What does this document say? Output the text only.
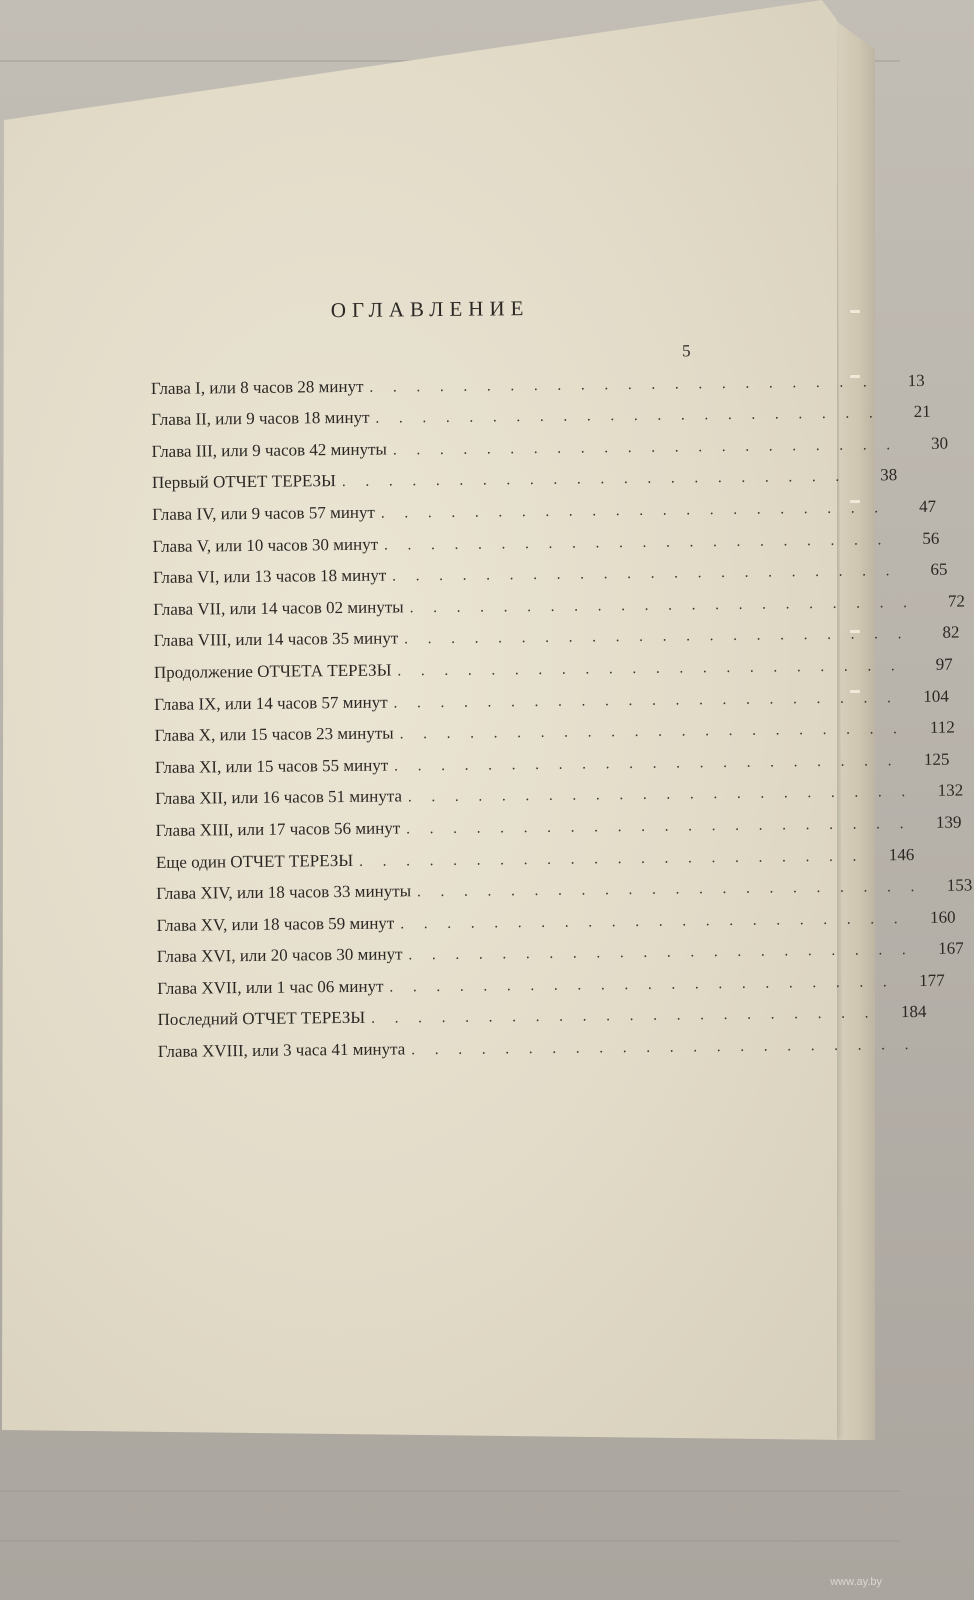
ОГЛАВЛЕНИЕ
5
Глава I, или 8 часов 28 минут . . . . . . . . . . . . . . . . . . . . . .	13
Глава II, или 9 часов 18 минут . . . . . . . . . . . . . . . . . . . . . .	21
Глава III, или 9 часов 42 минуты . . . . . . . . . . . . . . . . . . . . . .	30
Первый ОТЧЕТ ТЕРЕЗЫ . . . . . . . . . . . . . . . . . . . . . .	38
Глава IV, или 9 часов 57 минут . . . . . . . . . . . . . . . . . . . . . .	47
Глава V, или 10 часов 30 минут . . . . . . . . . . . . . . . . . . . . . .	56
Глава VI, или 13 часов 18 минут . . . . . . . . . . . . . . . . . . . . . .	65
Глава VII, или 14 часов 02 минуты . . . . . . . . . . . . . . . . . . . . . .	72
Глава VIII, или 14 часов 35 минут . . . . . . . . . . . . . . . . . . . . . .	82
Продолжение ОТЧЕТА ТЕРЕЗЫ . . . . . . . . . . . . . . . . . . . . . .	97
Глава IX, или 14 часов 57 минут . . . . . . . . . . . . . . . . . . . . . .	104
Глава X, или 15 часов 23 минуты . . . . . . . . . . . . . . . . . . . . . .	112
Глава XI, или 15 часов 55 минут . . . . . . . . . . . . . . . . . . . . . .	125
Глава XII, или 16 часов 51 минута . . . . . . . . . . . . . . . . . . . . . .	132
Глава XIII, или 17 часов 56 минут . . . . . . . . . . . . . . . . . . . . . .	139
Еще один ОТЧЕТ ТЕРЕЗЫ . . . . . . . . . . . . . . . . . . . . . .	146
Глава XIV, или 18 часов 33 минуты . . . . . . . . . . . . . . . . . . . . . .	153
Глава XV, или 18 часов 59 минут . . . . . . . . . . . . . . . . . . . . . .	160
Глава XVI, или 20 часов 30 минут . . . . . . . . . . . . . . . . . . . . . .	167
Глава XVII, или 1 час 06 минут . . . . . . . . . . . . . . . . . . . . . .	177
Последний ОТЧЕТ ТЕРЕЗЫ . . . . . . . . . . . . . . . . . . . . . .	184
Глава XVIII, или 3 часа 41 минута . . . . . . . . . . . . . . . . . . . . . .
www.ay.by
